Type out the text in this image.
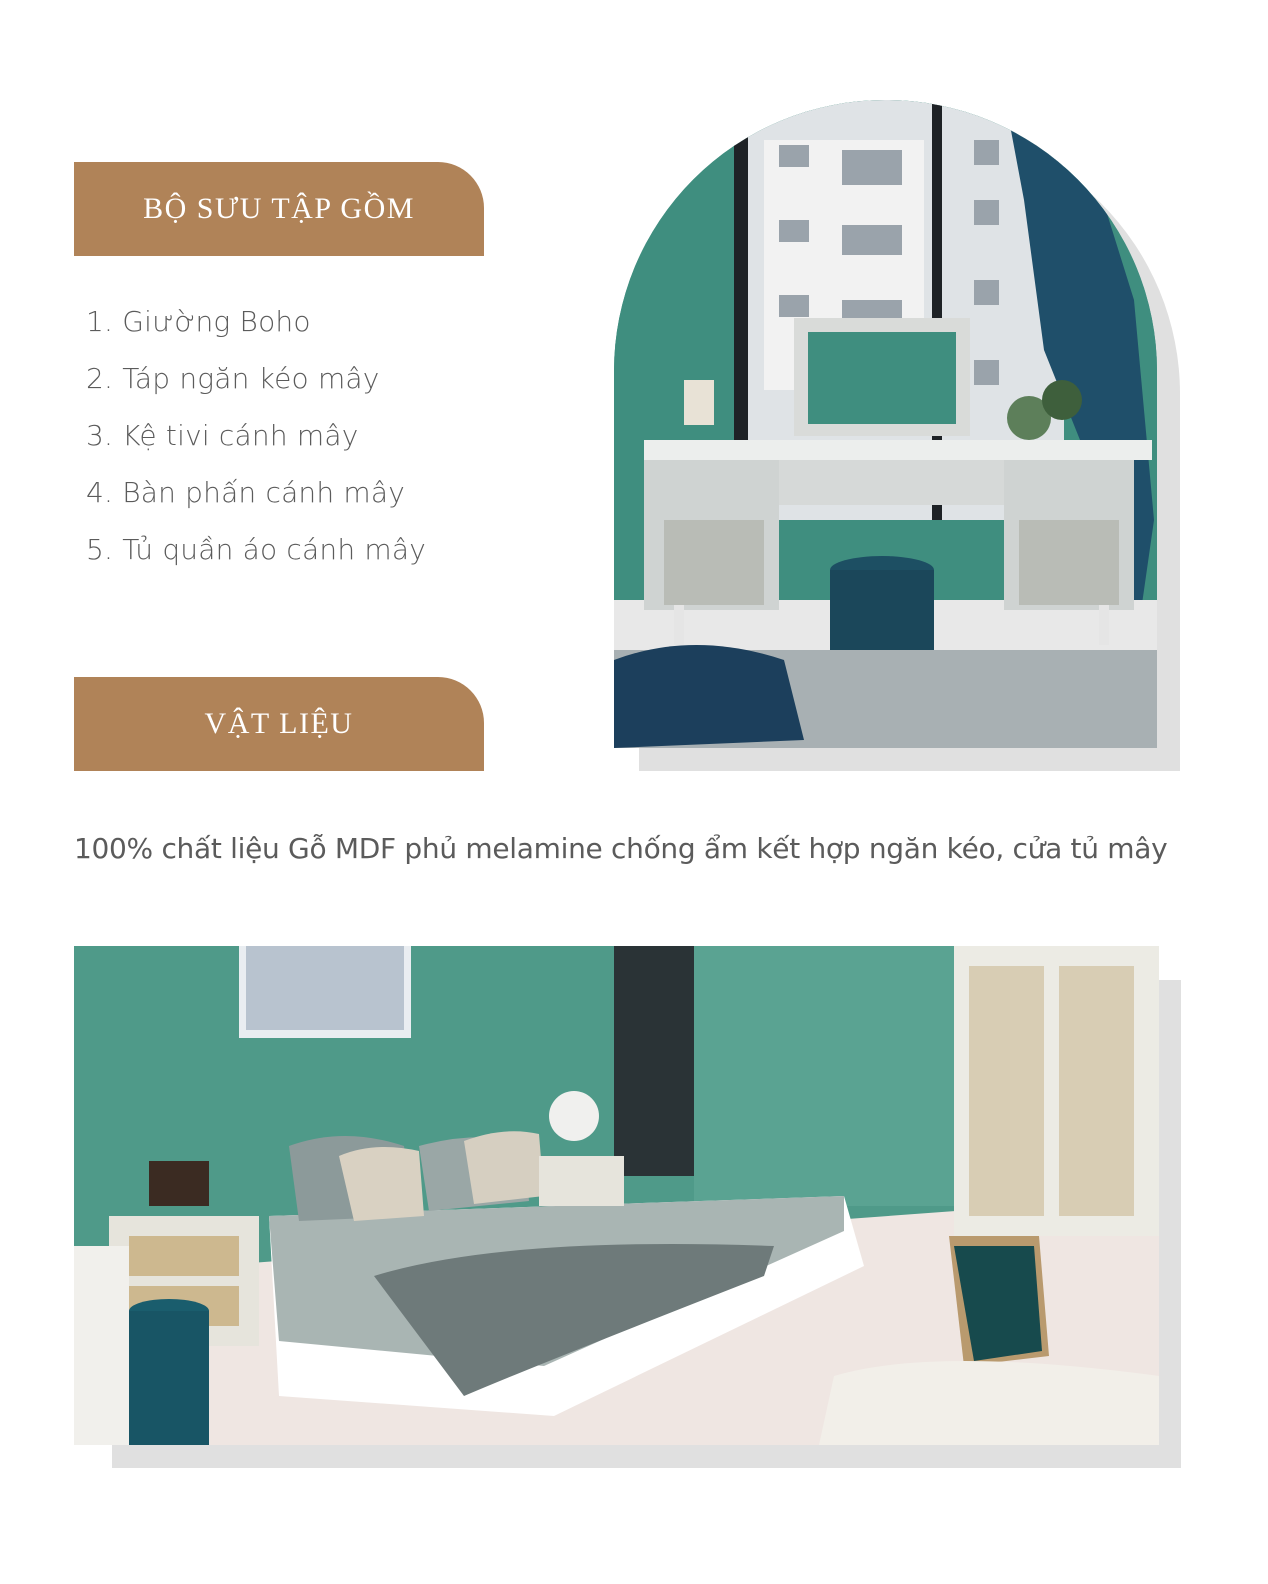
BỘ SƯU TẬP GỒM
1. Giường Boho
2. Táp ngăn kéo mây
3. Kệ tivi cánh mây
4. Bàn phấn cánh mây
5. Tủ quần áo cánh mây
VẬT LIỆU
100% chất liệu Gỗ MDF phủ melamine chống ẩm kết hợp ngăn kéo, cửa tủ mây
